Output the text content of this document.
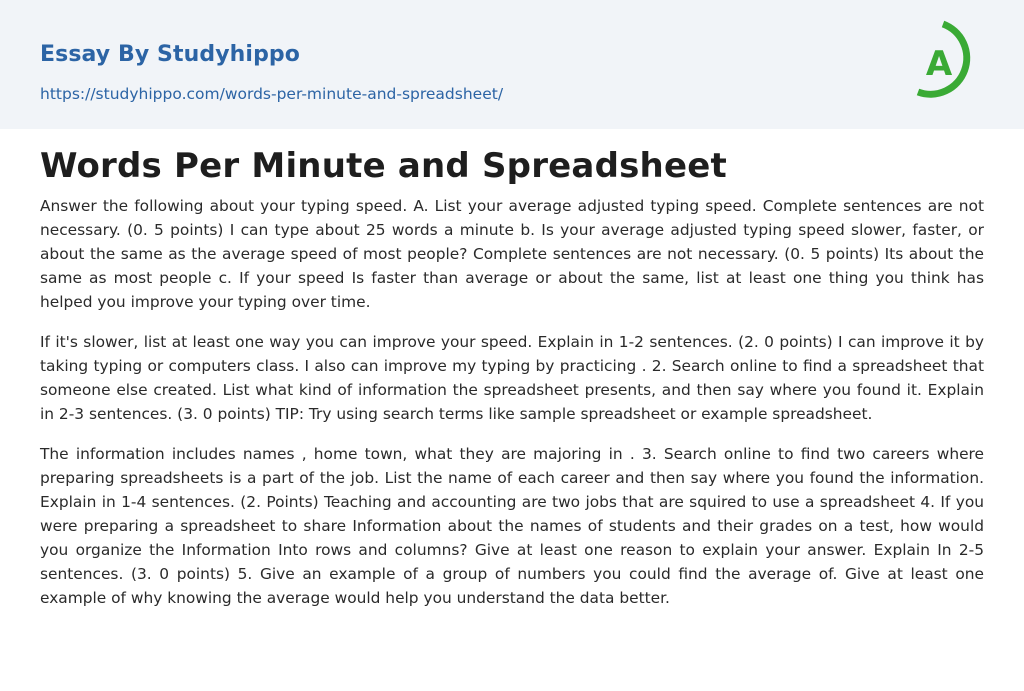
Essay By Studyhippo
https://studyhippo.com/words-per-minute-and-spreadsheet/
A
Words Per Minute and Spreadsheet

Answer the following about your typing speed. A. List your average adjusted typing speed. Complete sentences are not necessary. (0. 5 points) I can type about 25 words a minute b. Is your average adjusted typing speed slower, faster, or about the same as the average speed of most people? Complete sentences are not necessary. (0. 5 points) Its about the same as most people c. If your speed Is faster than average or about the same, list at least one thing you think has helped you improve your typing over time.

If it's slower, list at least one way you can improve your speed. Explain in 1-2 sentences. (2. 0 points) I can improve it by taking typing or computers class. I also can improve my typing by practicing . 2. Search online to find a spreadsheet that someone else created. List what kind of information the spreadsheet presents, and then say where you found it. Explain in 2-3 sentences. (3. 0 points) TIP: Try using search terms like sample spreadsheet or example spreadsheet.

The information includes names , home town, what they are majoring in . 3. Search online to find two careers where preparing spreadsheets is a part of the job. List the name of each career and then say where you found the information. Explain in 1-4 sentences. (2. Points) Teaching and accounting are two jobs that are squired to use a spreadsheet 4. If you were preparing a spreadsheet to share Information about the names of students and their grades on a test, how would you organize the Information Into rows and columns? Give at least one reason to explain your answer. Explain In 2-5 sentences. (3. 0 points) 5. Give an example of a group of numbers you could find the average of. Give at least one example of why knowing the average would help you understand the data better.
